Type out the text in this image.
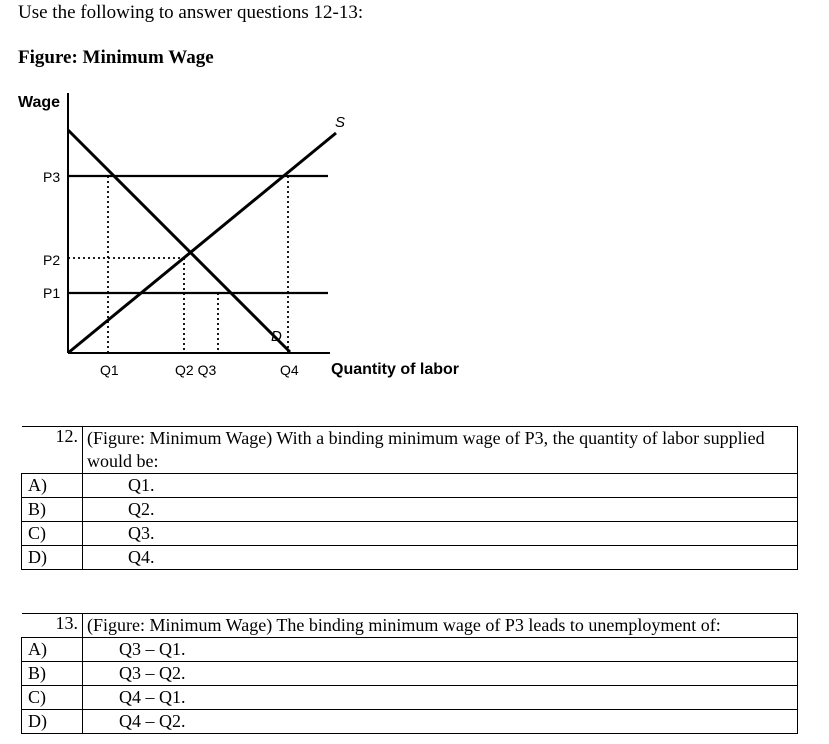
Use the following to answer questions 12-13:
Figure: Minimum Wage
Wage
Quantity of labor
S
D
P3
P2
P1
Q1	Q2 Q3	Q4
12.	(Figure: Minimum Wage) With a binding minimum wage of P3, the quantity of labor supplied would be:
A)	Q1.
B)	Q2.
C)	Q3.
D)	Q4.
13.	(Figure: Minimum Wage) The binding minimum wage of P3 leads to unemployment of:
A)	Q3 – Q1.
B)	Q3 – Q2.
C)	Q4 – Q1.
D)	Q4 – Q2.
